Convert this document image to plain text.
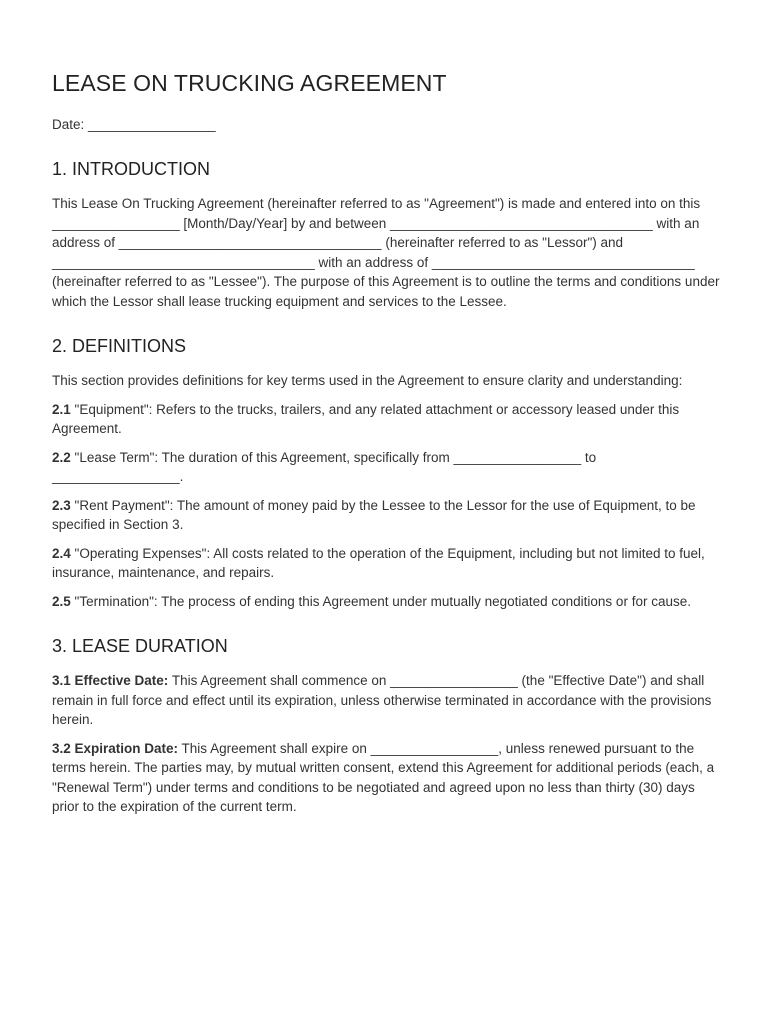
LEASE ON TRUCKING AGREEMENT

Date: _________________

1. INTRODUCTION

This Lease On Trucking Agreement (hereinafter referred to as "Agreement") is made and entered into on this _________________ [Month/Day/Year] by and between ___________________________________ with an address of ___________________________________ (hereinafter referred to as "Lessor") and ___________________________________ with an address of ___________________________________ (hereinafter referred to as "Lessee"). The purpose of this Agreement is to outline the terms and conditions under which the Lessor shall lease trucking equipment and services to the Lessee.

2. DEFINITIONS

This section provides definitions for key terms used in the Agreement to ensure clarity and understanding:

2.1 "Equipment": Refers to the trucks, trailers, and any related attachment or accessory leased under this Agreement.

2.2 "Lease Term": The duration of this Agreement, specifically from _________________ to _________________.

2.3 "Rent Payment": The amount of money paid by the Lessee to the Lessor for the use of Equipment, to be specified in Section 3.

2.4 "Operating Expenses": All costs related to the operation of the Equipment, including but not limited to fuel, insurance, maintenance, and repairs.

2.5 "Termination": The process of ending this Agreement under mutually negotiated conditions or for cause.

3. LEASE DURATION

3.1 Effective Date: This Agreement shall commence on _________________ (the "Effective Date") and shall remain in full force and effect until its expiration, unless otherwise terminated in accordance with the provisions herein.

3.2 Expiration Date: This Agreement shall expire on _________________, unless renewed pursuant to the terms herein. The parties may, by mutual written consent, extend this Agreement for additional periods (each, a "Renewal Term") under terms and conditions to be negotiated and agreed upon no less than thirty (30) days prior to the expiration of the current term.
